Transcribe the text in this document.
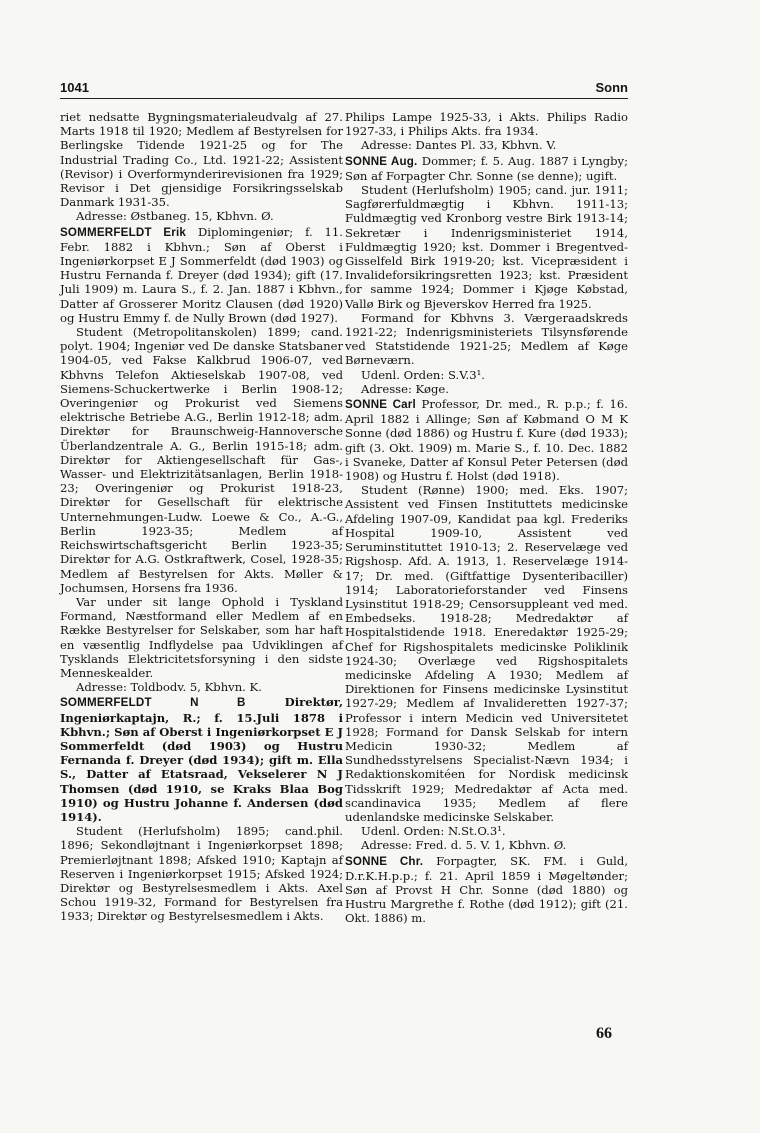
1041	Sonn

riet nedsatte Bygningsmaterialeudvalg af 27. Marts 1918 til 1920; Medlem af Bestyrelsen for Berlingske Tidende 1921-25 og for The Industrial Trading Co., Ltd. 1921-22; Assistent (Revisor) i Overformynderirevisionen fra 1929; Revisor i Det gjensidige Forsikringsselskab Danmark 1931-35.

Adresse: Østbaneg. 15, Kbhvn. Ø.

SOMMERFELDT Erik Diplomingeniør; f. 11. Febr. 1882 i Kbhvn.; Søn af Oberst i Ingeniørkorpset E J Sommerfeldt (død 1903) og Hustru Fernanda f. Dreyer (død 1934); gift (17. Juli 1909) m. Laura S., f. 2. Jan. 1887 i Kbhvn., Datter af Grosserer Moritz Clausen (død 1920) og Hustru Emmy f. de Nully Brown (død 1927).

Student (Metropolitanskolen) 1899; cand. polyt. 1904; Ingeniør ved De danske Statsbaner 1904-05, ved Fakse Kalkbrud 1906-07, ved Kbhvns Telefon Aktieselskab 1907-08, ved Siemens-Schuckertwerke i Berlin 1908-12; Overingeniør og Prokurist ved Siemens elektrische Betriebe A.G., Berlin 1912-18; adm. Direktør for Braunschweig-Hannoversche Überlandzentrale A. G., Berlin 1915-18; adm. Direktør for Aktiengesellschaft für Gas-, Wasser- und Elektrizitätsanlagen, Berlin 1918-23; Overingeniør og Prokurist 1918-23, Direktør for Gesellschaft für elektrische Unternehmungen-Ludw. Loewe & Co., A.-G., Berlin 1923-35; Medlem af Reichswirtschaftsgericht Berlin 1923-35; Direktør for A.G. Ostkraftwerk, Cosel, 1928-35; Medlem af Bestyrelsen for Akts. Møller & Jochumsen, Horsens fra 1936.

Var under sit lange Ophold i Tyskland Formand, Næstformand eller Medlem af en Række Bestyrelser for Selskaber, som har haft en væsentlig Indflydelse paa Udviklingen af Tysklands Elektricitetsforsyning i den sidste Menneskealder.

Adresse: Toldbodv. 5, Kbhvn. K.

SOMMERFELDT N B Direktør, Ingeniørkaptajn, R.; f. 15.Juli 1878 i Kbhvn.; Søn af Oberst i Ingeniørkorpset E J Sommerfeldt (død 1903) og Hustru Fernanda f. Dreyer (død 1934); gift m. Ella S., Datter af Etatsraad, Vekselerer N J Thomsen (død 1910, se Kraks Blaa Bog 1910) og Hustru Johanne f. Andersen (død 1914).

Student (Herlufsholm) 1895; cand.phil. 1896; Sekondløjtnant i Ingeniørkorpset 1898; Premierløjtnant 1898; Afsked 1910; Kaptajn af Reserven i Ingeniørkorpset 1915; Afsked 1924; Direktør og Bestyrelsesmedlem i Akts. Axel Schou 1919-32, Formand for Bestyrelsen fra 1933; Direktør og Bestyrelsesmedlem i Akts.

Philips Lampe 1925-33, i Akts. Philips Radio 1927-33, i Philips Akts. fra 1934.

Adresse: Dantes Pl. 33, Kbhvn. V.

SONNE Aug. Dommer; f. 5. Aug. 1887 i Lyngby; Søn af Forpagter Chr. Sonne (se denne); ugift.

Student (Herlufsholm) 1905; cand. jur. 1911; Sagførerfuldmægtig i Kbhvn. 1911-13; Fuldmægtig ved Kronborg vestre Birk 1913-14; Sekretær i Indenrigsministeriet 1914, Fuldmægtig 1920; kst. Dommer i Bregentved-Gisselfeld Birk 1919-20; kst. Vicepræsident i Invalideforsikringsretten 1923; kst. Præsident for samme 1924; Dommer i Kjøge Købstad, Vallø Birk og Bjeverskov Herred fra 1925.

Formand for Kbhvns 3. Værgeraadskreds 1921-22; Indenrigsministeriets Tilsynsførende ved Statstidende 1921-25; Medlem af Køge Børneværn.

Udenl. Orden: S.V.3¹.

Adresse: Køge.

SONNE Carl Professor, Dr. med., R. p.p.; f. 16. April 1882 i Allinge; Søn af Købmand O M K Sonne (død 1886) og Hustru f. Kure (død 1933); gift (3. Okt. 1909) m. Marie S., f. 10. Dec. 1882 i Svaneke, Datter af Konsul Peter Petersen (død 1908) og Hustru f. Holst (død 1918).

Student (Rønne) 1900; med. Eks. 1907; Assistent ved Finsen Instituttets medicinske Afdeling 1907-09, Kandidat paa kgl. Frederiks Hospital 1909-10, Assistent ved Seruminstituttet 1910-13; 2. Reservelæge ved Rigshosp. Afd. A. 1913, 1. Reservelæge 1914-17; Dr. med. (Giftfattige Dysenteribaciller) 1914; Laboratorieforstander ved Finsens Lysinstitut 1918-29; Censorsuppleant ved med. Embedseks. 1918-28; Medredaktør af Hospitalstidende 1918. Eneredaktør 1925-29; Chef for Rigshospitalets medicinske Poliklinik 1924-30; Overlæge ved Rigshospitalets medicinske Afdeling A 1930; Medlem af Direktionen for Finsens medicinske Lysinstitut 1927-29; Medlem af Invalideretten 1927-37; Professor i intern Medicin ved Universitetet 1928; Formand for Dansk Selskab for intern Medicin 1930-32; Medlem af Sundhedsstyrelsens Specialist-Nævn 1934; i Redaktionskomitéen for Nordisk medicinsk Tidsskrift 1929; Medredaktør af Acta med. scandinavica 1935; Medlem af flere udenlandske medicinske Selskaber.

Udenl. Orden: N.St.O.3¹.

Adresse: Fred. d. 5. V. 1, Kbhvn. Ø.

SONNE Chr. Forpagter, SK. FM. i Guld, D.r.K.H.p.p.; f. 21. April 1859 i Møgeltønder; Søn af Provst H Chr. Sonne (død 1880) og Hustru Margrethe f. Rothe (død 1912); gift (21. Okt. 1886) m.

66
